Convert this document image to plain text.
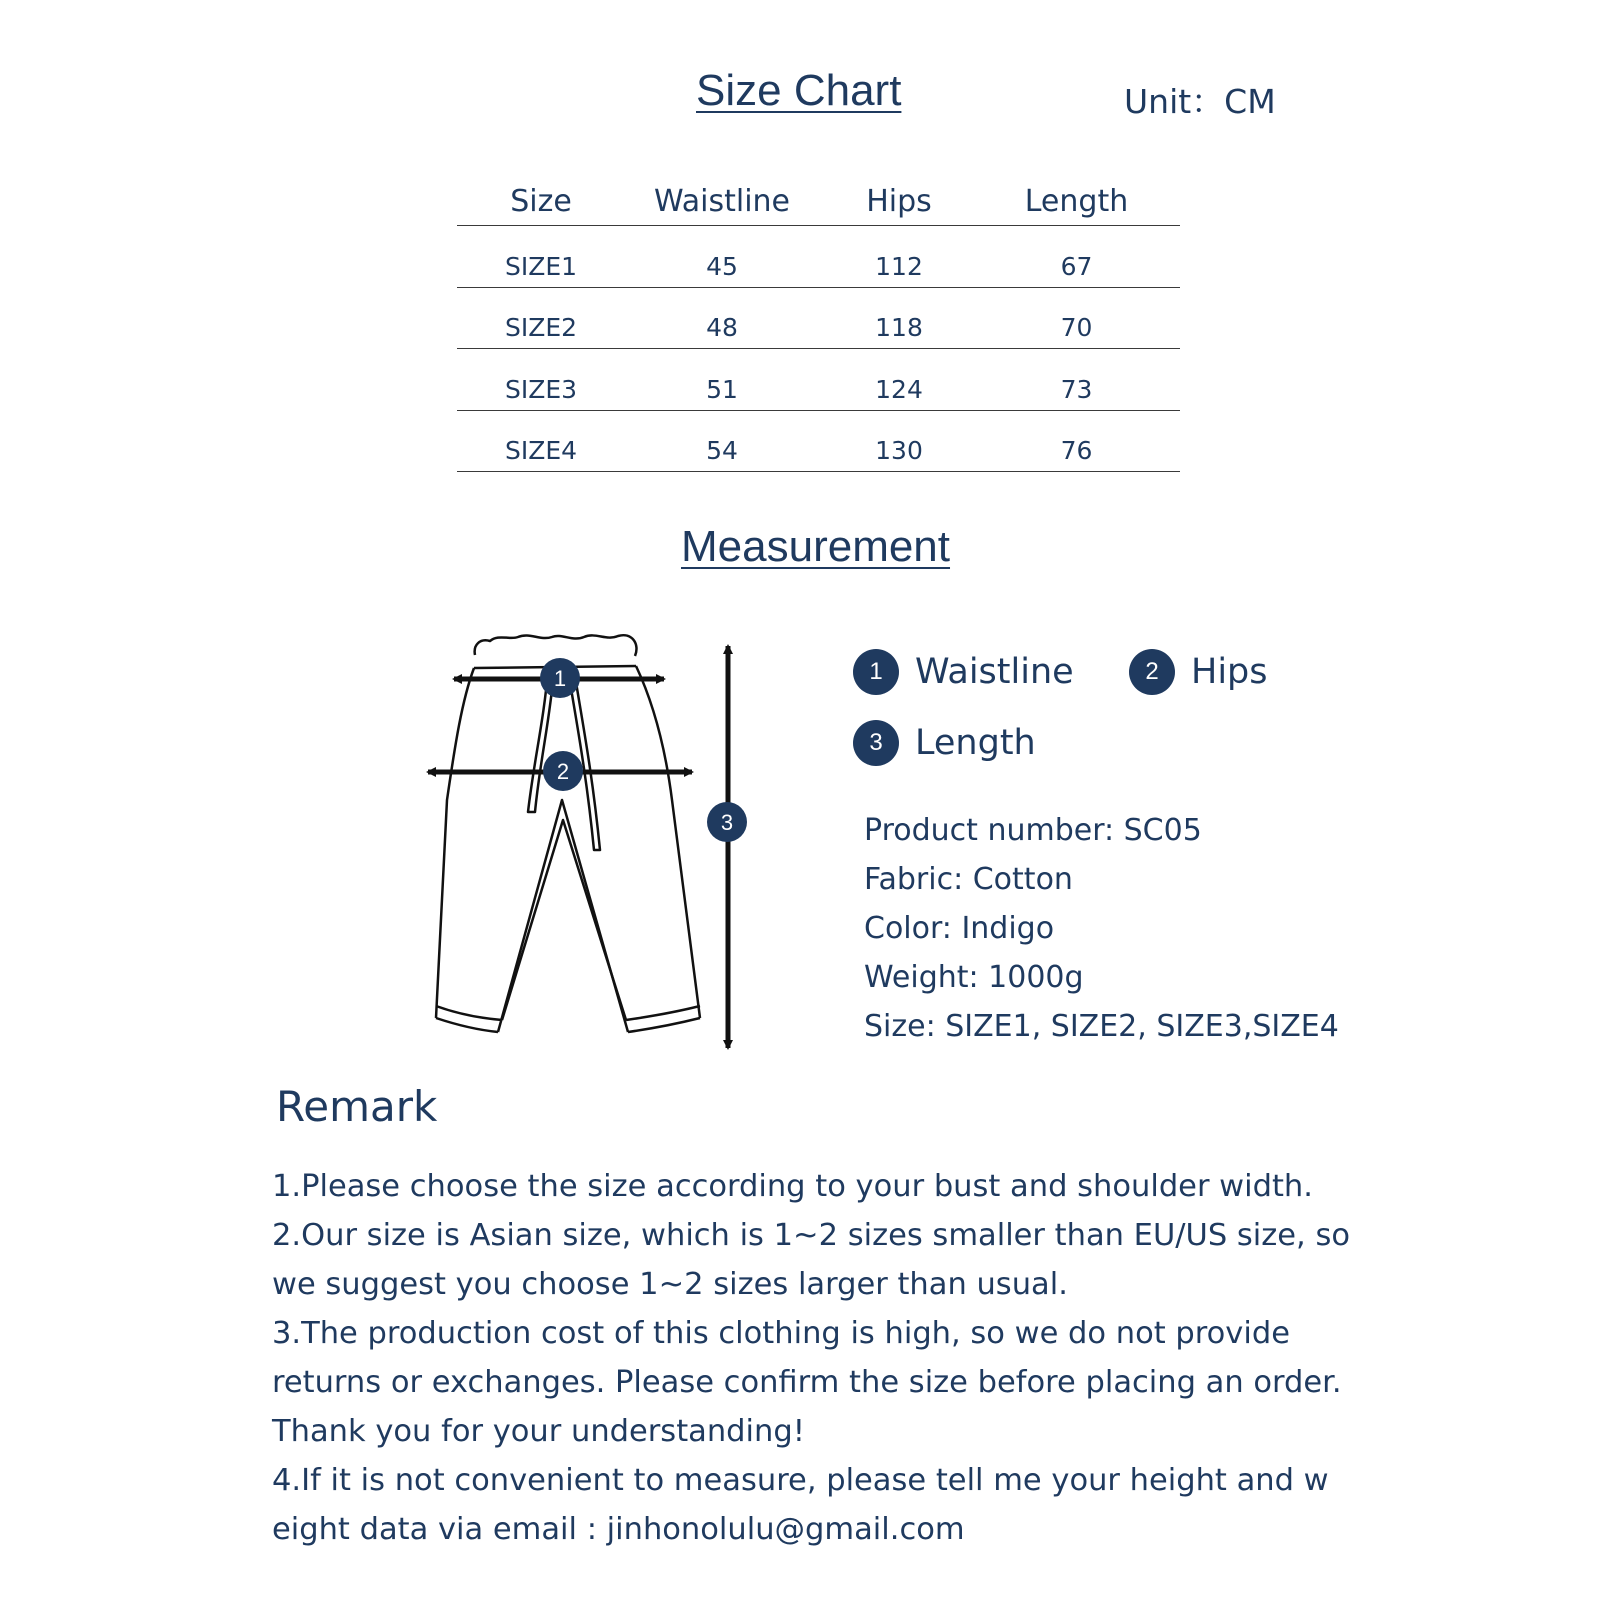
Size Chart	Unit：CM
Size	Waistline	Hips	Length
SIZE1	45	112	67
SIZE2	48	118	70
SIZE3	51	124	73
SIZE4	54	130	76
Measurement
1
2
3
1 Waistline	2 Hips
3 Length
Product number: SC05
Fabric: Cotton
Color: Indigo
Weight: 1000g
Size: SIZE1, SIZE2, SIZE3,SIZE4
Remark
1.Please choose the size according to your bust and shoulder width.
2.Our size is Asian size, which is 1~2 sizes smaller than EU/US size, so
we suggest you choose 1~2 sizes larger than usual.
3.The production cost of this clothing is high, so we do not provide
returns or exchanges. Please confirm the size before placing an order.
Thank you for your understanding!
4.If it is not convenient to measure, please tell me your height and w
eight data via email : jinhonolulu@gmail.com
